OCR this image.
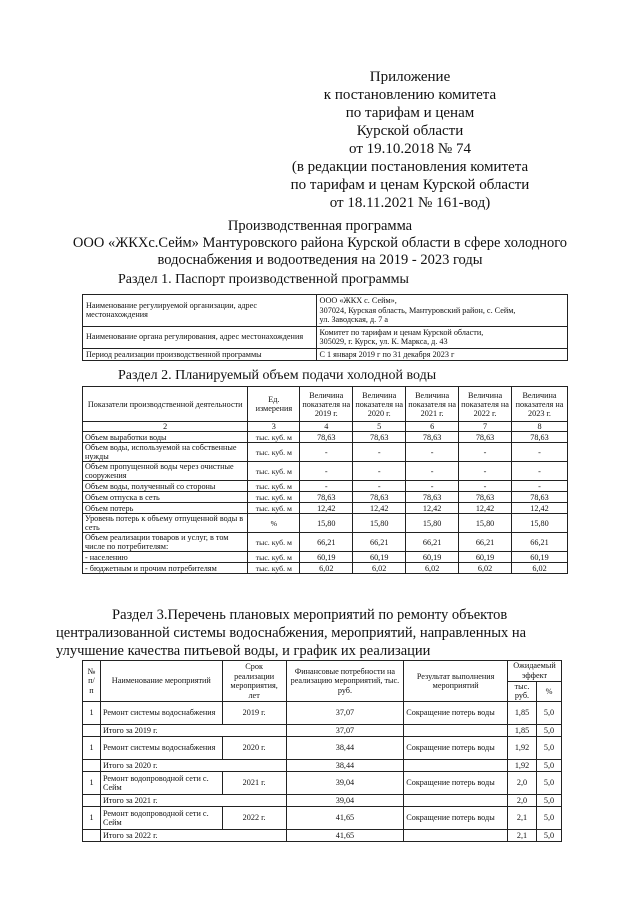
Приложение
к постановлению комитета
по тарифам и ценам
Курской области
от 19.10.2018 № 74
(в редакции постановления комитета
по тарифам и ценам Курской области
от 18.11.2021 № 161-вод)
Производственная программа
ООО «ЖКХс.Сейм» Мантуровского района Курской области в сфере холодного
водоснабжения и водоотведения на 2019 - 2023 годы
Раздел 1. Паспорт производственной программы
Наименование регулируемой организации, адрес местонахождения	ООО «ЖКХ с. Сейм»,
307024, Курская область, Мантуровский район, с. Сейм,
ул. Заводская, д. 7 а

Наименование органа регулирования, адрес местонахождения	Комитет по тарифам и ценам Курской области,
305029, г. Курск, ул. К. Маркса, д. 43

Период реализации производственной программы	С 1 января 2019 г по 31 декабря 2023 г
Раздел 2. Планируемый объем подачи холодной воды
Показатели производственной деятельности	Ед. измерения	Величина показателя на 2019 г.	Величина показателя на 2020 г.	Величина показателя на 2021 г.	Величина показателя на 2022 г.	Величина показателя на 2023 г.
2	3	4	5	6	7	8
Объем выработки воды	тыс. куб. м	78,63	78,63	78,63	78,63	78,63
Объем воды, используемой на собственные нужды	тыс. куб. м	-	-	-	-	-
Объем пропущенной воды через очистные сооружения	тыс. куб. м	-	-	-	-	-
Объем воды, полученный со стороны	тыс. куб. м	-	-	-	-	-
Объем отпуска в сеть	тыс. куб. м	78,63	78,63	78,63	78,63	78,63
Объем потерь	тыс. куб. м	12,42	12,42	12,42	12,42	12,42
Уровень потерь к объему отпущенной воды в сеть	%	15,80	15,80	15,80	15,80	15,80
Объем реализации товаров и услуг, в том числе по потребителям:	тыс. куб. м	66,21	66,21	66,21	66,21	66,21
- населению	тыс. куб. м	60,19	60,19	60,19	60,19	60,19
- бюджетным и прочим потребителям	тыс. куб. м	6,02	6,02	6,02	6,02	6,02
Раздел 3.Перечень плановых мероприятий по ремонту объектов
централизованной системы водоснабжения, мероприятий, направленных на
улучшение качества питьевой воды, и график их реализации
№ п/ п	Наименование мероприятий	Срок реализации мероприятия, лет	Финансовые потребности на реализацию мероприятий, тыс. руб.	Результат выполнения мероприятий	Ожидаемый эффект	
					тыс. руб.	%
1	Ремонт системы водоснабжения	2019 г.	37,07	Сокращение потерь воды	1,85	5,0
	Итого за 2019 г.		37,07		1,85	5,0
1	Ремонт системы водоснабжения	2020 г.	38,44	Сокращение потерь воды	1,92	5,0
	Итого за 2020 г.		38,44		1,92	5,0
1	Ремонт водопроводной сети с. Сейм	2021 г.	39,04	Сокращение потерь воды	2,0	5,0
	Итого за 2021 г.		39,04		2,0	5,0
1	Ремонт водопроводной сети с. Сейм	2022 г.	41,65	Сокращение потерь воды	2,1	5,0
	Итого за 2022 г.		41,65		2,1	5,0
